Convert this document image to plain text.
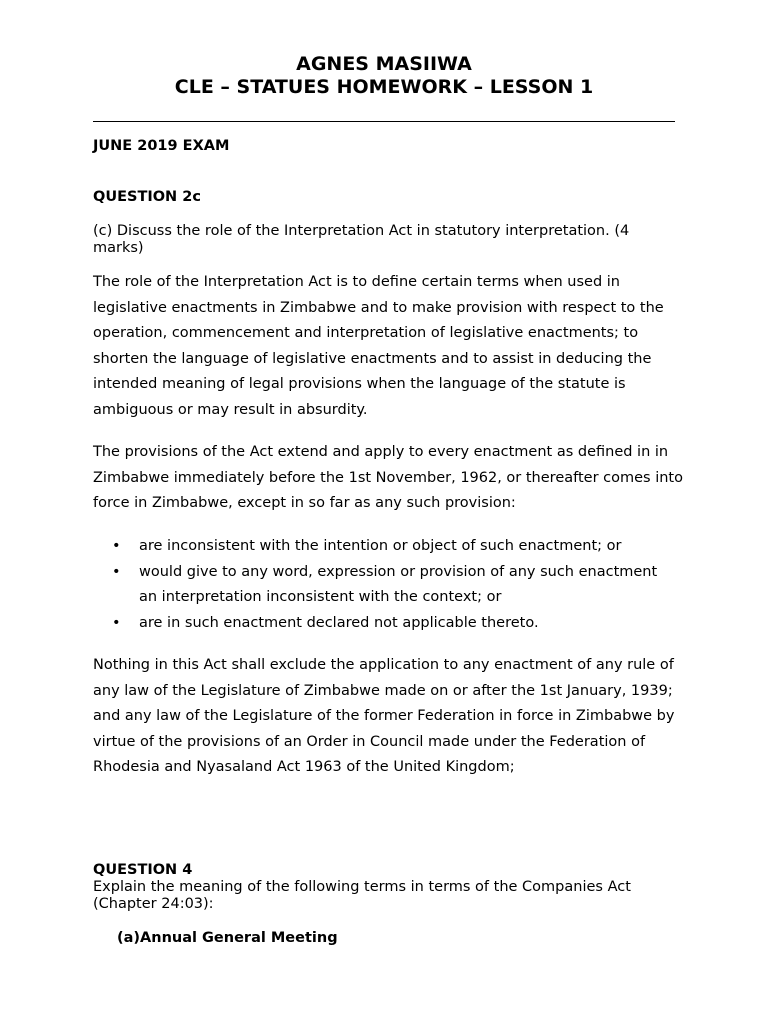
AGNES MASIIWA
CLE – STATUES HOMEWORK – LESSON 1
JUNE 2019 EXAM
QUESTION 2c
(c) Discuss the role of the Interpretation Act in statutory interpretation. (4 marks)
The role of the Interpretation Act is to define certain terms when used in legislative enactments in Zimbabwe and to make provision with respect to the operation, commencement and interpretation of legislative enactments; to shorten the language of legislative enactments and to assist in deducing the intended meaning of legal provisions when the language of the statute is ambiguous or may result in absurdity.
The provisions of the Act extend and apply to every enactment as defined in in Zimbabwe immediately before the 1st November, 1962, or thereafter comes into force in Zimbabwe, except in so far as any such provision:
• are inconsistent with the intention or object of such enactment; or
• would give to any word, expression or provision of any such enactment an interpretation inconsistent with the context; or
• are in such enactment declared not applicable thereto.
Nothing in this Act shall exclude the application to any enactment of any rule of any law of the Legislature of Zimbabwe made on or after the 1st January, 1939; and any law of the Legislature of the former Federation in force in Zimbabwe by virtue of the provisions of an Order in Council made under the Federation of Rhodesia and Nyasaland Act 1963 of the United Kingdom;
QUESTION 4
Explain the meaning of the following terms in terms of the Companies Act (Chapter 24:03):
(a)Annual General Meeting
